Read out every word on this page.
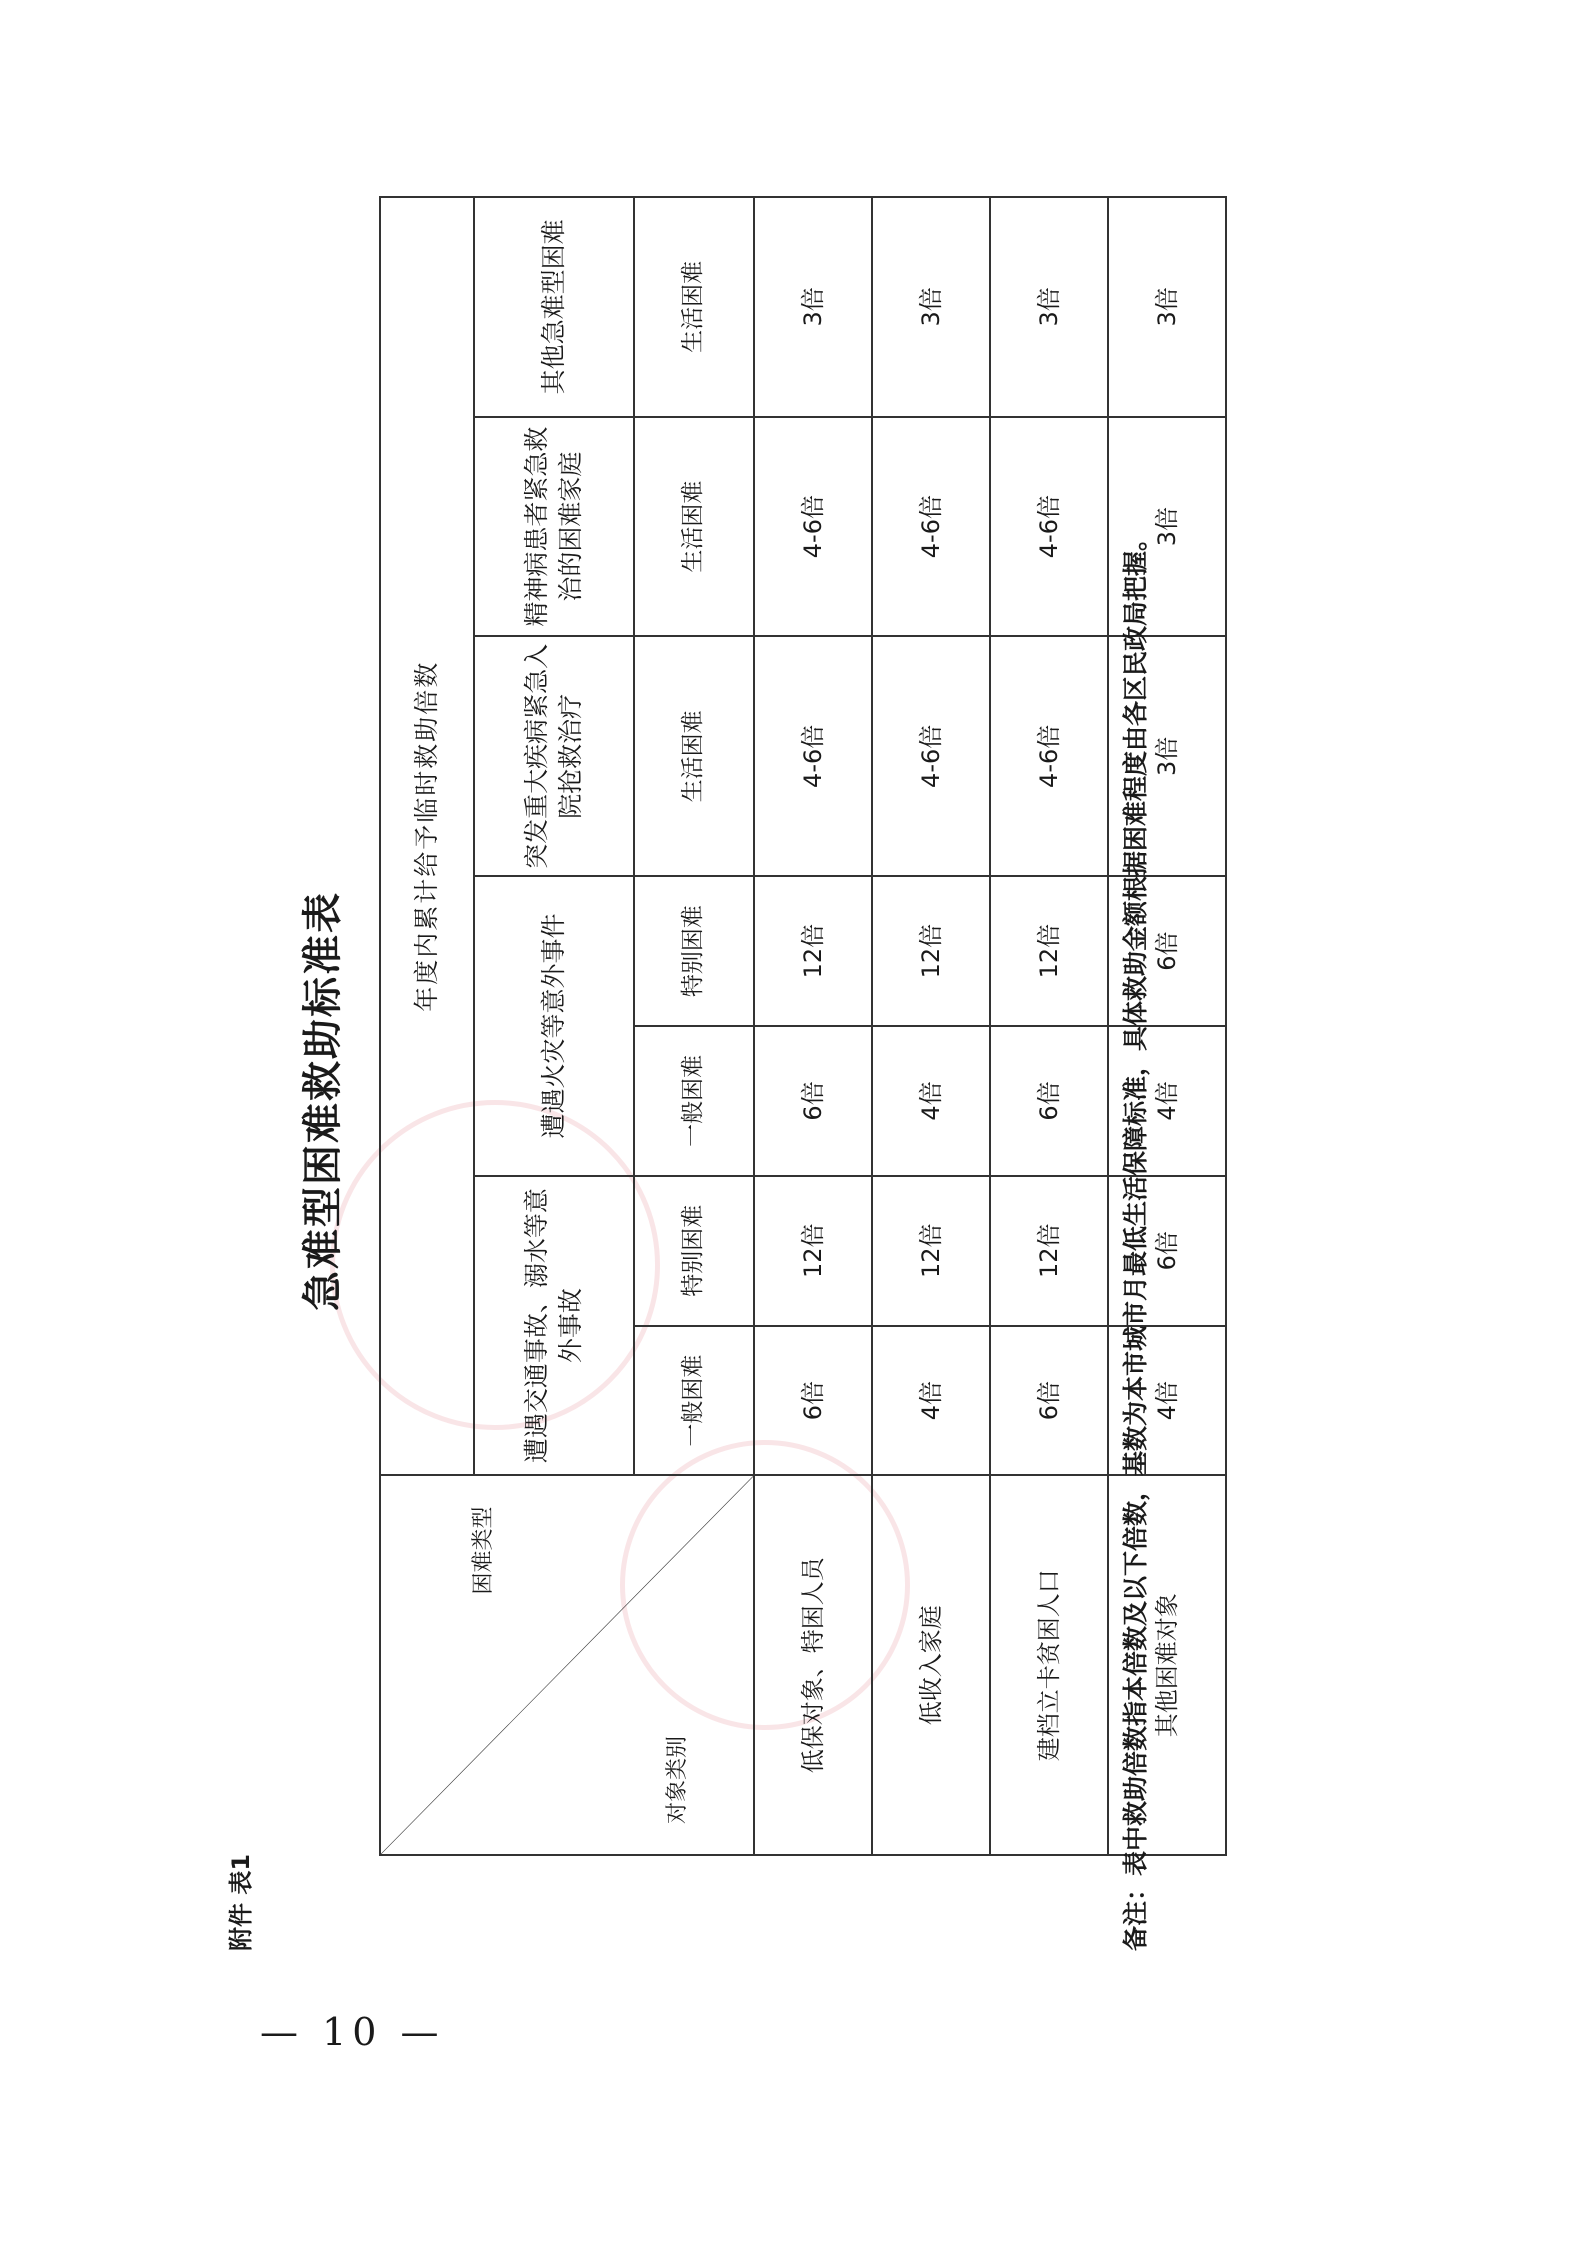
— 10 —
附件 表1
急难型困难救助标准表
困难类型
对象类别	年度内累计给予临时救助倍数						
	遭遇交通事故、溺水等意外事故		遭遇火灾等意外事件		突发重大疾病紧急入院抢救治疗	精神病患者紧急救治的困难家庭	其他急难型困难
	一般困难	特别困难	一般困难	特别困难	生活困难	生活困难	生活困难
低保对象、特困人员	6倍	12倍	6倍	12倍	4-6倍	4-6倍	3倍
低收入家庭	4倍	12倍	4倍	12倍	4-6倍	4-6倍	3倍
建档立卡贫困人口	6倍	12倍	6倍	12倍	4-6倍	4-6倍	3倍
其他困难对象	4倍	6倍	4倍	6倍	3倍	3倍	3倍
备注：表中救助倍数指本倍数及以下倍数，基数为本市城市月最低生活保障标准，具体救助金额根据困难程度由各区民政局把握。
